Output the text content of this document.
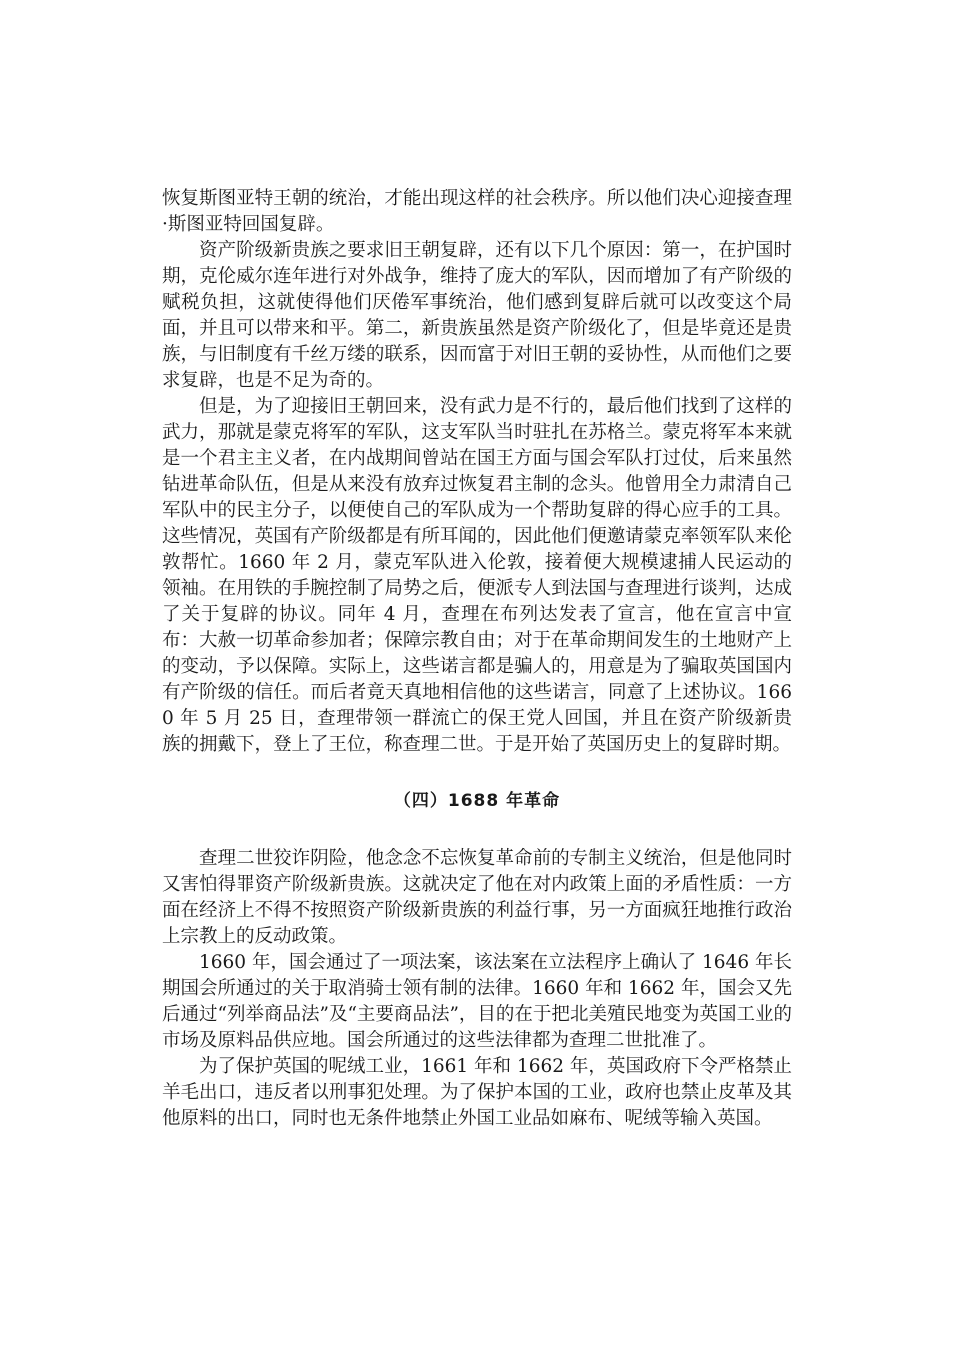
恢复斯图亚特王朝的统治，才能出现这样的社会秩序。所以他们决心迎接查理·斯图亚特回国复辟。

资产阶级新贵族之要求旧王朝复辟，还有以下几个原因：第一，在护国时期，克伦威尔连年进行对外战争，维持了庞大的军队，因而增加了有产阶级的赋税负担，这就使得他们厌倦军事统治，他们感到复辟后就可以改变这个局面，并且可以带来和平。第二，新贵族虽然是资产阶级化了，但是毕竟还是贵族，与旧制度有千丝万缕的联系，因而富于对旧王朝的妥协性，从而他们之要求复辟，也是不足为奇的。

但是，为了迎接旧王朝回来，没有武力是不行的，最后他们找到了这样的武力，那就是蒙克将军的军队，这支军队当时驻扎在苏格兰。蒙克将军本来就是一个君主主义者，在内战期间曾站在国王方面与国会军队打过仗，后来虽然钻进革命队伍，但是从来没有放弃过恢复君主制的念头。他曾用全力肃清自己军队中的民主分子，以便使自己的军队成为一个帮助复辟的得心应手的工具。这些情况，英国有产阶级都是有所耳闻的，因此他们便邀请蒙克率领军队来伦敦帮忙。1660 年 2 月，蒙克军队进入伦敦，接着便大规模逮捕人民运动的领袖。在用铁的手腕控制了局势之后，便派专人到法国与查理进行谈判，达成了关于复辟的协议。同年 4 月，查理在布列达发表了宣言，他在宣言中宣布：大赦一切革命参加者；保障宗教自由；对于在革命期间发生的土地财产上的变动，予以保障。实际上，这些诺言都是骗人的，用意是为了骗取英国国内有产阶级的信任。而后者竟天真地相信他的这些诺言，同意了上述协议。1660 年 5 月 25 日，查理带领一群流亡的保王党人回国，并且在资产阶级新贵族的拥戴下，登上了王位，称查理二世。于是开始了英国历史上的复辟时期。

（四）1688 年革命

查理二世狡诈阴险，他念念不忘恢复革命前的专制主义统治，但是他同时又害怕得罪资产阶级新贵族。这就决定了他在对内政策上面的矛盾性质：一方面在经济上不得不按照资产阶级新贵族的利益行事，另一方面疯狂地推行政治上宗教上的反动政策。

1660 年，国会通过了一项法案，该法案在立法程序上确认了 1646 年长期国会所通过的关于取消骑士领有制的法律。1660 年和 1662 年，国会又先后通过“列举商品法”及“主要商品法”，目的在于把北美殖民地变为英国工业的市场及原料品供应地。国会所通过的这些法律都为查理二世批准了。

为了保护英国的呢绒工业，1661 年和 1662 年，英国政府下令严格禁止羊毛出口，违反者以刑事犯处理。为了保护本国的工业，政府也禁止皮革及其他原料的出口，同时也无条件地禁止外国工业品如麻布、呢绒等输入英国。
